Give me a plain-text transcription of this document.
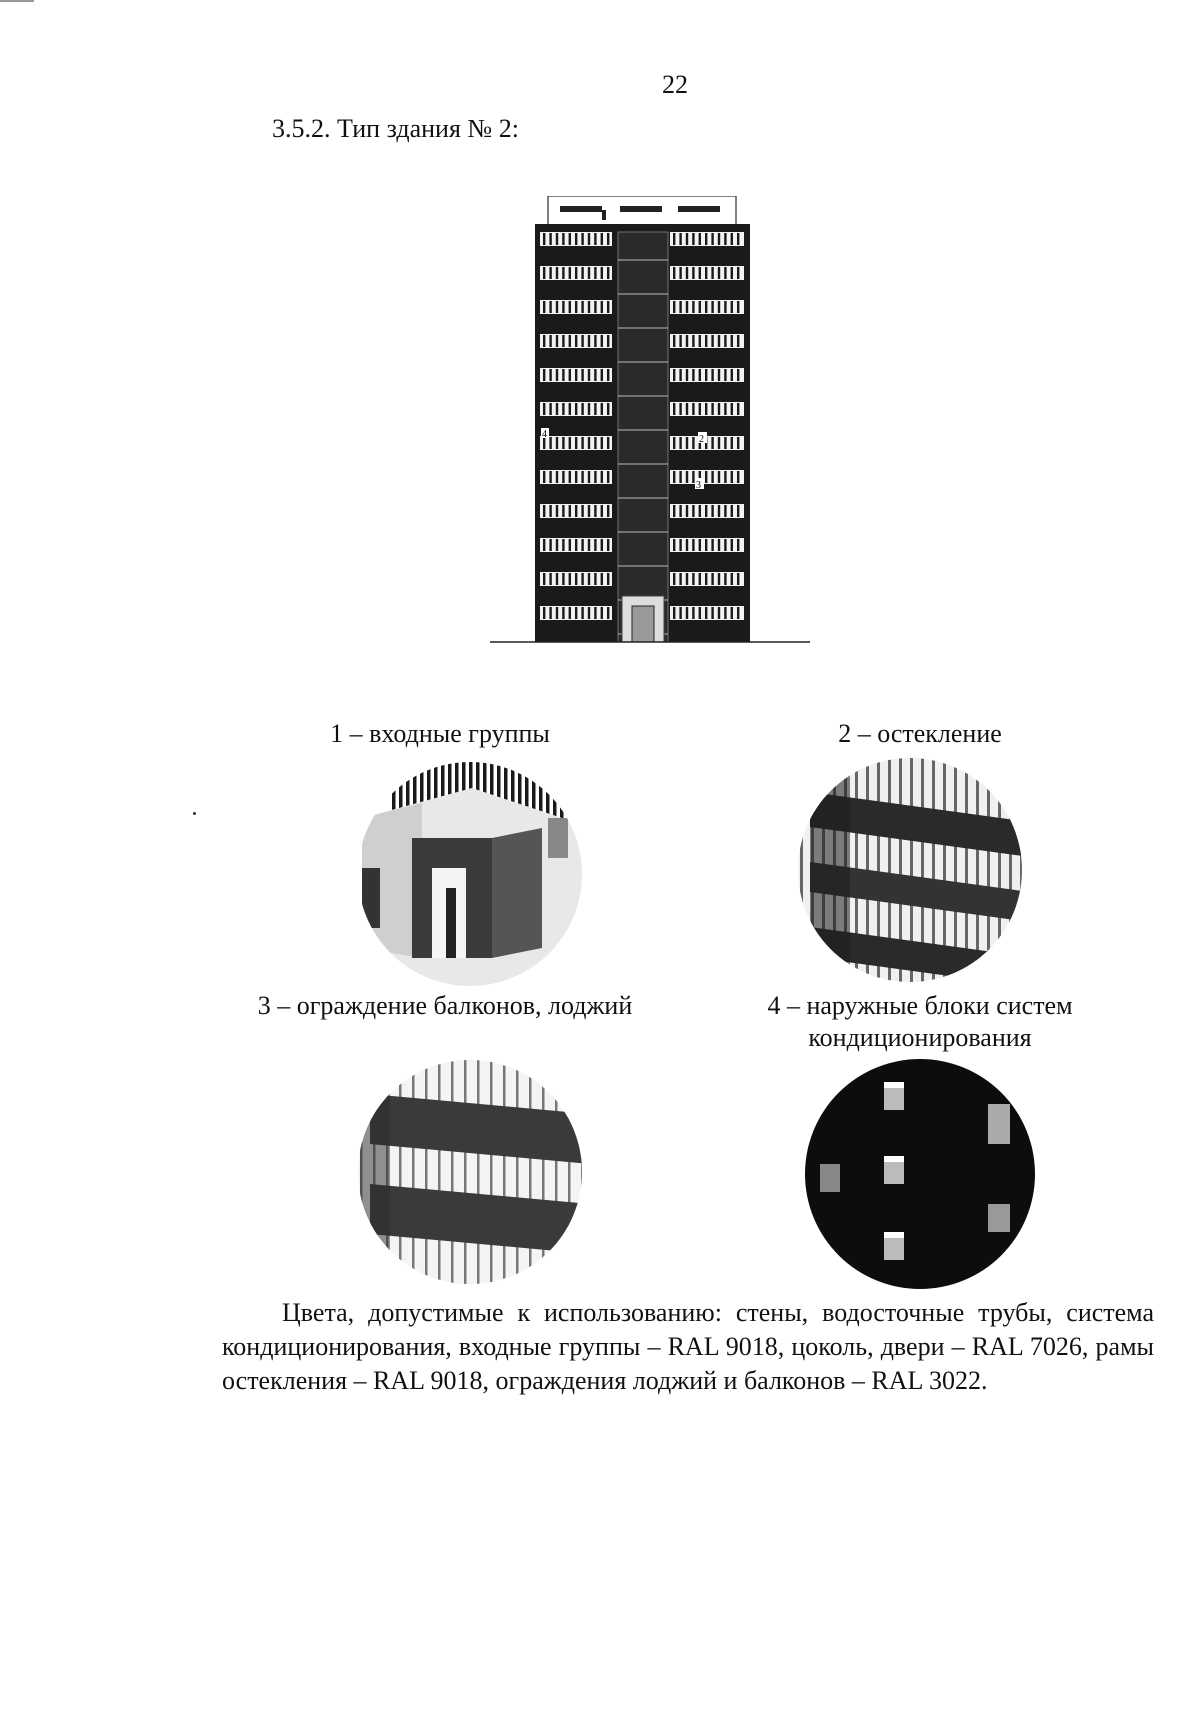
22
3.5.2. Тип здания № 2:
4	2
3
1 – входные группы	2 – остекление
3 – ограждение балконов, лоджий	4 – наружные блоки систем кондиционирования
Цвета, допустимые к использованию: стены, водосточные трубы, система кондиционирования, входные группы – RAL 9018, цоколь, двери – RAL 7026, рамы остекления – RAL 9018, ограждения лоджий и балконов – RAL 3022.
